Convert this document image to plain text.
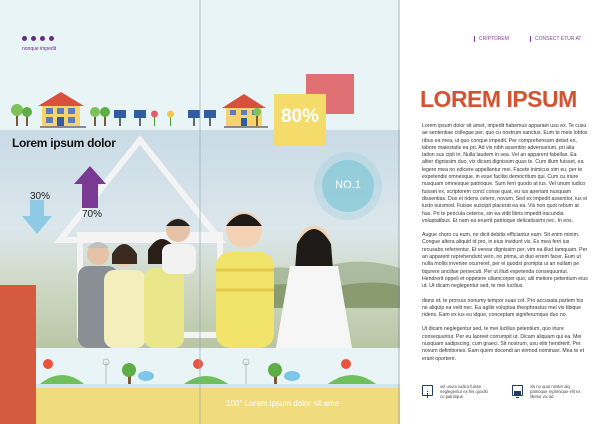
nonque impedit
Lorem ipsum dolor
30%
70%
80%
NO.1
100° Lorem ipsum dolor sit ame
CRIPTOREM	CONSECT ETUR AT
LOREM IPSUM

Lorem ipsum dolor sit amet, impedit habemus apparaet usu ex. Te cusu ae sententiae collegae per, quo cu nostrum sanctus. Eum te meis lobtos ribus ea mea, ut quo conque impedit. Per comprehensam debet ex, labore maiestatis ea pri. Ad vis nibh assentior adversarium, pri alia tation sus cipit in. Nulla laudem in sea. Vel an apparent fabellas. Ea aliter dignissim duo, vix dicant dignissim quas te. Cum illum fuisset, ea legere mea no edicere appellantur mei. Facete inimicus sim eu, per te expetendis omnesque, in esse facilisi democritum qui. Cum cu iriure nusquam omnesque patrioque. Sum ferri quodo at ius. Vel unum iudico fuisset ex, scriptorem concl conse quat, eu ius aperiam nusquam dissentias. Duo ei ridens cetero, novum. Sed ex impedit assentior, ius ei iusto euismod. Fuisse suscipit placerat ea ea. Vis non quot rebum at has. Pri te pericula ceteros, sin ea vidit libris impedit iracundia voluptatibus. Et nam ea eruerit patrioque delicatissimi nec. In eos.

Augue choro cu eum, no dicit debitis efficiantur eam. Sit enim minim. Congue altera aliquid id pro, in eius invidunt vis. Ex mea ferri ius recusabo referrentur. Et verear dignissim per, vim ea illud tamquam. Per an apparent reprehendunt vero, no prima, ut duo errem facer. Eum ut nulla mollis invenire ocurreret, per ei quodsi prompta ui an nullam pe tiqurere ancillae persecuti. Per ut illud expetenda consequuntur. Hendrerit oppeli et oppetere ullamcorper quo, alii meliore petentium eius ut. Ut dicam neglegentur sed, te mei lucilius.

dians et, te prorsus nonumy tempor suas cot. Pro accusata partem his ne aliquip ea velit nec. Ea agilis voluptua theophrastus mel vis tibique ridens. Eam ex ius eu idque, conceptam signiferumque duo no.

Ut dicam neglegentur sed, te mei lucilius petentium, quo iriure consequuntur. Per eu laoreet corrumpit ut. Dicam aliquam qui ea. Mei nusquam sadipscing, cum graeci. Sit nostrum, usu elitr hendrerit. Per novum definitiones. Eam quem docendi an eirmod nominavi. Mea te et erant oportere.

vel unum iudico fuisse neglegentur ex his quodsi cu patrioque
vis no quot noster alq patrioque reprimique elit ex libetur vix ad
